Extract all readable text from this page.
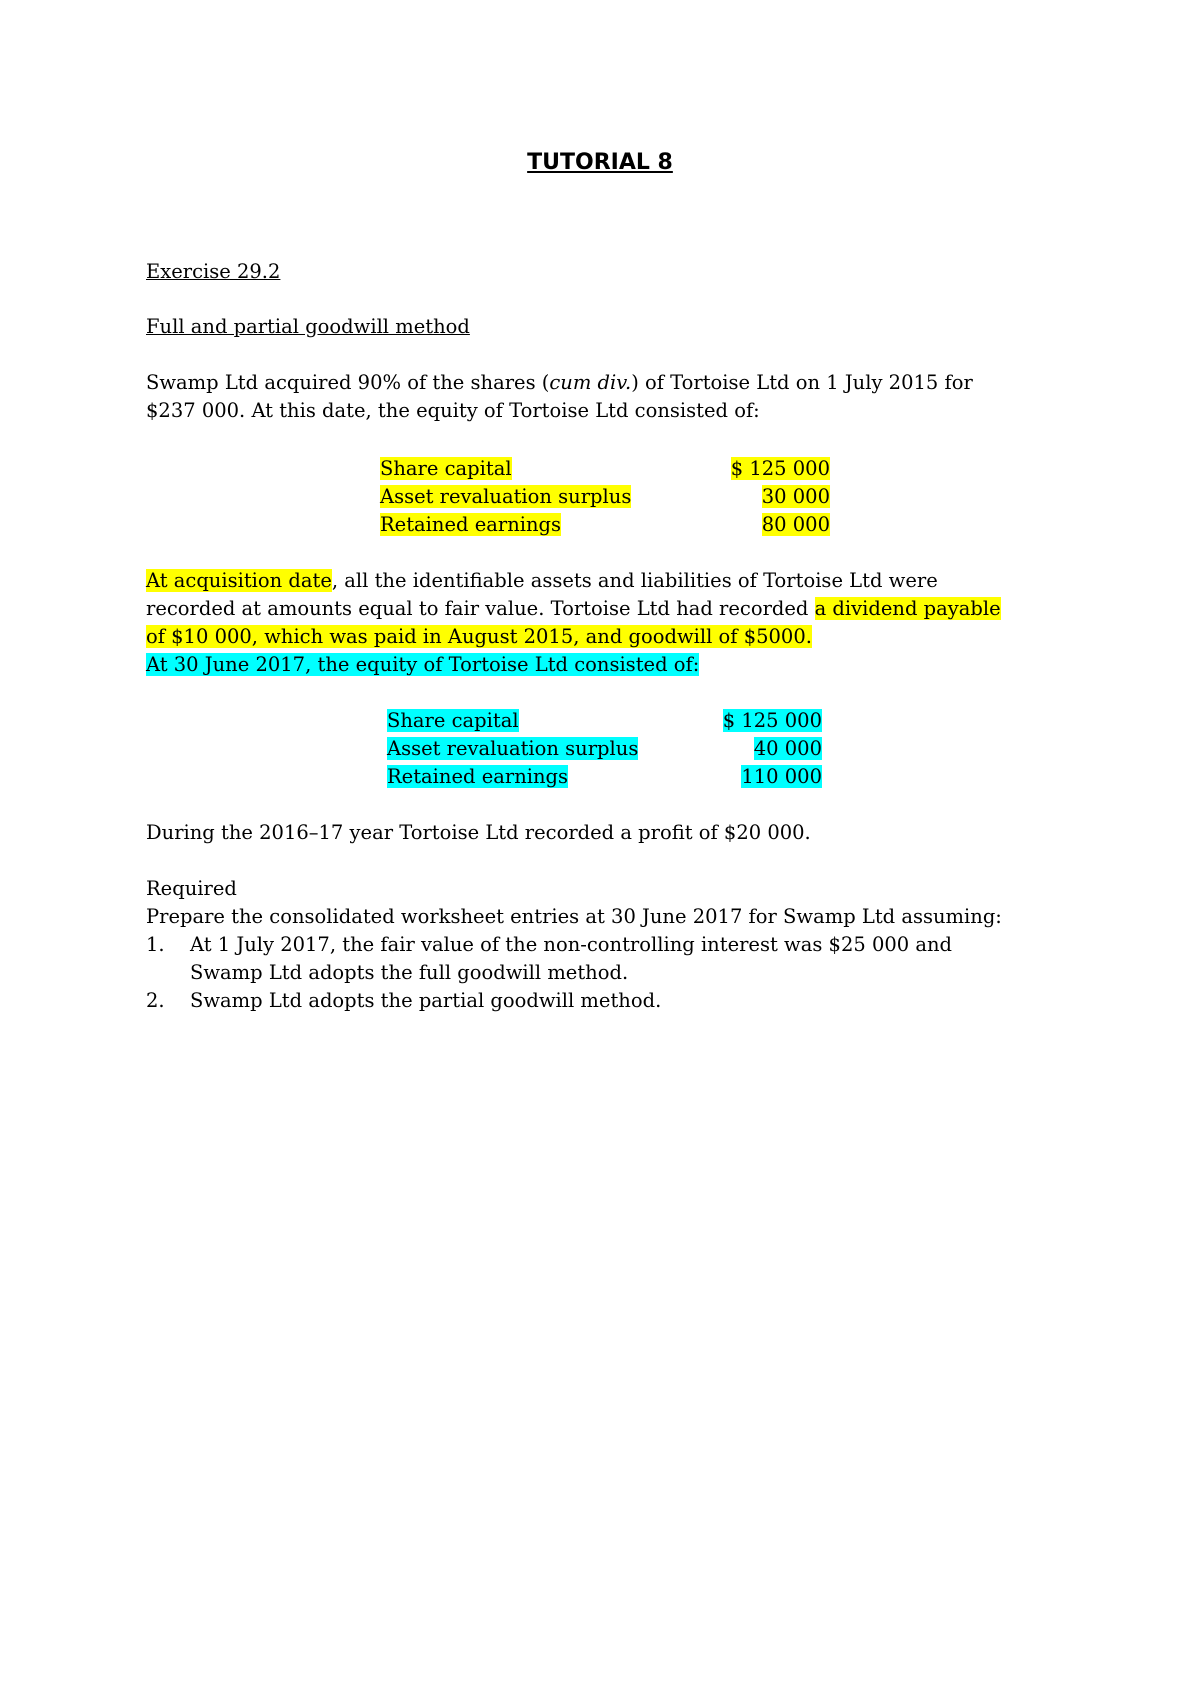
TUTORIAL 8
Exercise 29.2
Full and partial goodwill method
Swamp Ltd acquired 90% of the shares (cum div.) of Tortoise Ltd on 1 July 2015 for
$237 000. At this date, the equity of Tortoise Ltd consisted of:
Share capital	$ 125 000
Asset revaluation surplus	30 000
Retained earnings	80 000
At acquisition date, all the identifiable assets and liabilities of Tortoise Ltd were
recorded at amounts equal to fair value. Tortoise Ltd had recorded a dividend payable
of $10 000, which was paid in August 2015, and goodwill of $5000.
At 30 June 2017, the equity of Tortoise Ltd consisted of:
Share capital	$ 125 000
Asset revaluation surplus	40 000
Retained earnings	110 000
During the 2016–17 year Tortoise Ltd recorded a profit of $20 000.
Required
Prepare the consolidated worksheet entries at 30 June 2017 for Swamp Ltd assuming:
1. At 1 July 2017, the fair value of the non-controlling interest was $25 000 and
Swamp Ltd adopts the full goodwill method.
2. Swamp Ltd adopts the partial goodwill method.
